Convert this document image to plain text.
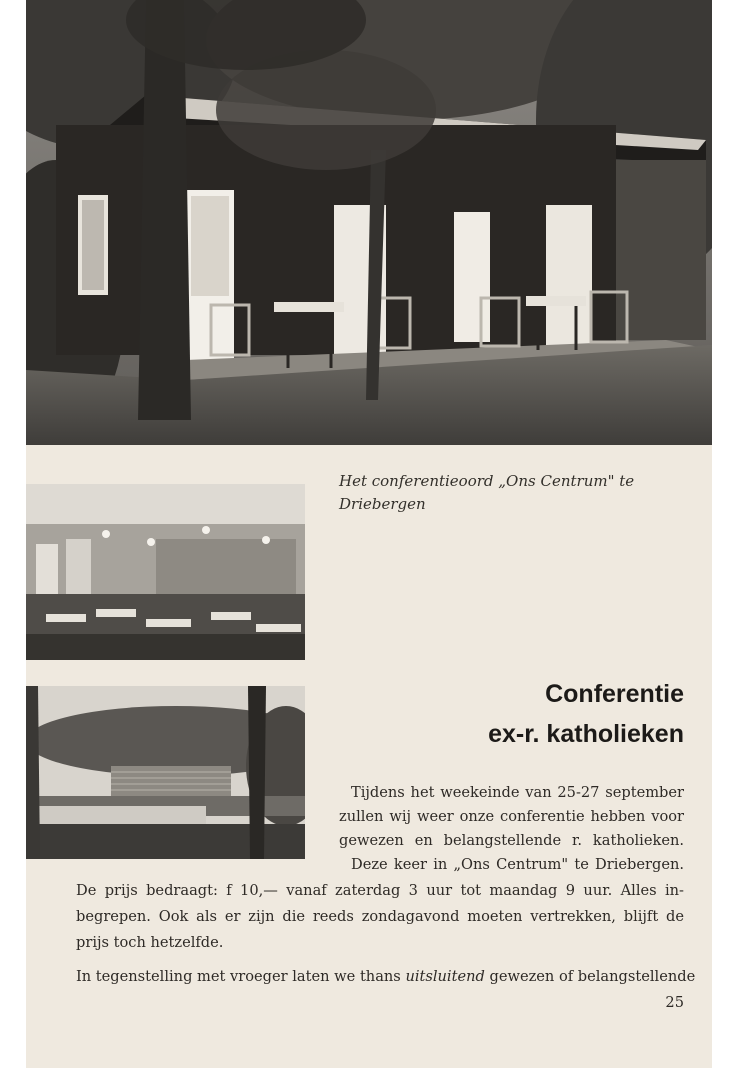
Het conferentieoord „Ons Centrum" te
Driebergen
Conferentie
ex-r. katholieken
Tijdens het weekeinde van 25-27 september
zullen wij weer onze conferentie hebben voor
gewezen en belangstellende r. katholieken.
Deze keer in „Ons Centrum" te Driebergen.
De prijs bedraagt: f 10,— vanaf zaterdag 3 uur tot maandag 9 uur. Alles in-
begrepen. Ook als er zijn die reeds zondagavond moeten vertrekken, blijft de
prijs toch hetzelfde.
In tegenstelling met vroeger laten we thans uitsluitend gewezen of belangstellende
25
